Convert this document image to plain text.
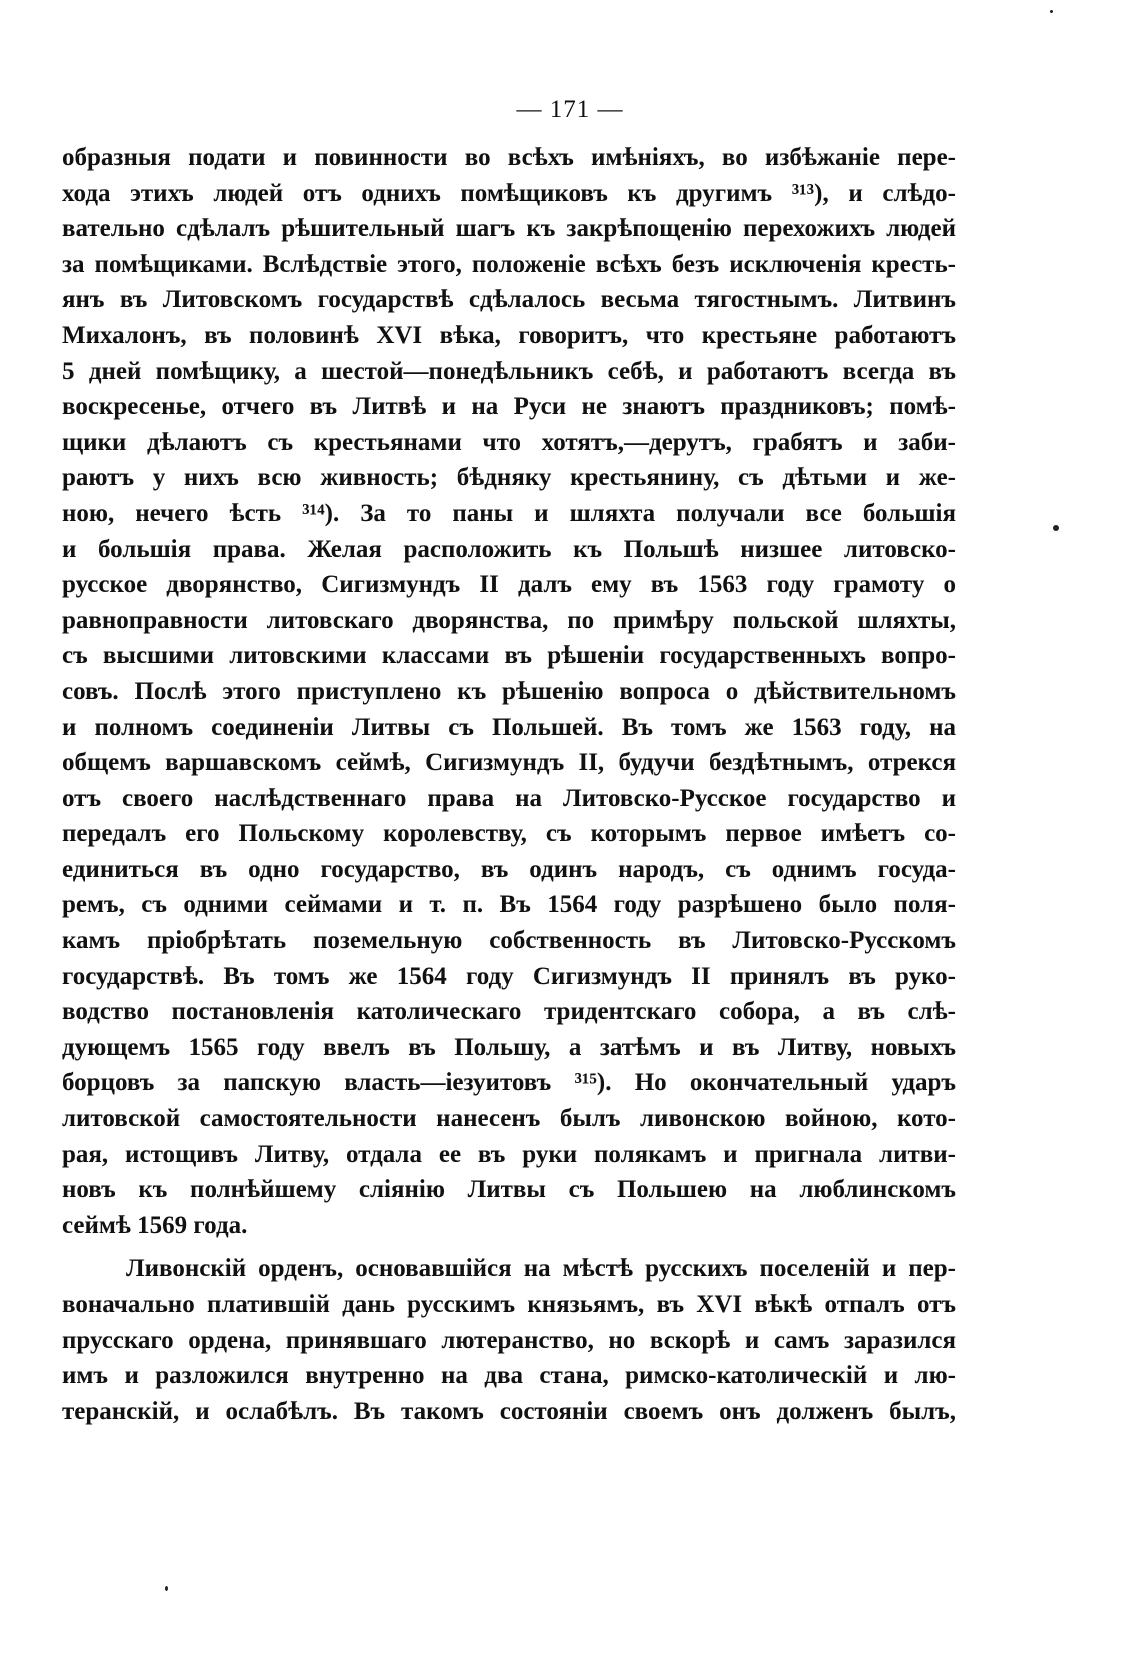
— 171 —
образныя подати и повинности во всѣхъ имѣніяхъ, во избѣжаніе пере-
хода этихъ людей отъ однихъ помѣщиковъ къ другимъ ³¹³), и слѣдо-
вательно сдѣлалъ рѣшительный шагъ къ закрѣпощенію перехожихъ людей
за помѣщиками. Вслѣдствіе этого, положеніе всѣхъ безъ исключенія кресть-
янъ въ Литовскомъ государствѣ сдѣлалось весьма тягостнымъ. Литвинъ
Михалонъ, въ половинѣ XVI вѣка, говоритъ, что крестьяне работаютъ
5 дней помѣщику, а шестой—понедѣльникъ себѣ, и работаютъ всегда въ
воскресенье, отчего въ Литвѣ и на Руси не знаютъ праздниковъ; помѣ-
щики дѣлаютъ съ крестьянами что хотятъ,—дерутъ, грабятъ и заби-
раютъ у нихъ всю живность; бѣдняку крестьянину, съ дѣтьми и же-
ною, нечего ѣсть ³¹⁴). За то паны и шляхта получали все большія
и большія права. Желая расположить къ Польшѣ низшее литовско-
русское дворянство, Сигизмундъ II далъ ему въ 1563 году грамоту о
равноправности литовскаго дворянства, по примѣру польской шляхты,
съ высшими литовскими классами въ рѣшеніи государственныхъ вопро-
совъ. Послѣ этого приступлено къ рѣшенію вопроса о дѣйствительномъ
и полномъ соединеніи Литвы съ Польшей. Въ томъ же 1563 году, на
общемъ варшавскомъ сеймѣ, Сигизмундъ II, будучи бездѣтнымъ, отрекся
отъ своего наслѣдственнаго права на Литовско-Русское государство и
передалъ его Польскому королевству, съ которымъ первое имѣетъ со-
единиться въ одно государство, въ одинъ народъ, съ однимъ госуда-
ремъ, съ одними сеймами и т. п. Въ 1564 году разрѣшено было поля-
камъ пріобрѣтать поземельную собственность въ Литовско-Русскомъ
государствѣ. Въ томъ же 1564 году Сигизмундъ II принялъ въ руко-
водство постановленія католическаго тридентскаго собора, а въ слѣ-
дующемъ 1565 году ввелъ въ Польшу, а затѣмъ и въ Литву, новыхъ
борцовъ за папскую власть—іезуитовъ ³¹⁵). Но окончательный ударъ
литовской самостоятельности нанесенъ былъ ливонскою войною, кото-
рая, истощивъ Литву, отдала ее въ руки полякамъ и пригнала литви-
новъ къ полнѣйшему сліянію Литвы съ Польшею на люблинскомъ
сеймѣ 1569 года.
Ливонскій орденъ, основавшійся на мѣстѣ русскихъ поселеній и пер-
воначально платившій дань русскимъ князьямъ, въ XVI вѣкѣ отпалъ отъ
прусскаго ордена, принявшаго лютеранство, но вскорѣ и самъ заразился
имъ и разложился внутренно на два стана, римско-католическій и лю-
теранскій, и ослабѣлъ. Въ такомъ состояніи своемъ онъ долженъ былъ,
